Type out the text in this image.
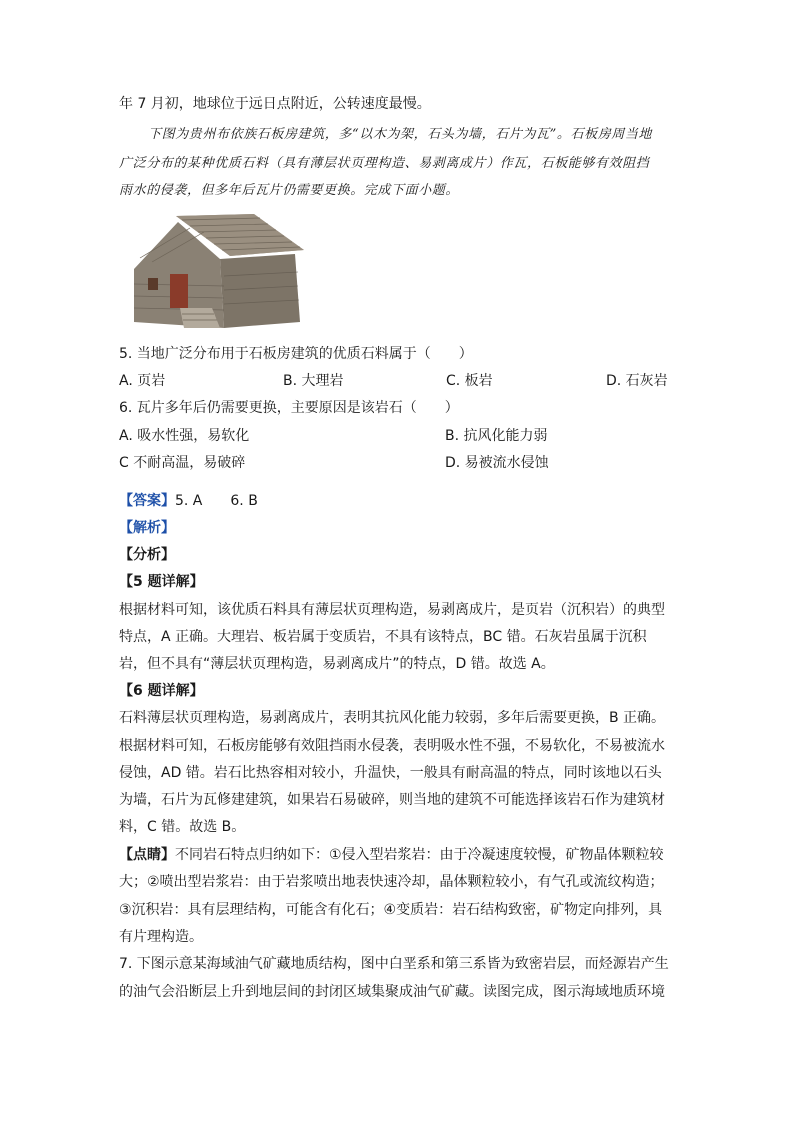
年 7 月初，地球位于远日点附近，公转速度最慢。
下图为贵州布依族石板房建筑，多“以木为架，石头为墙，石片为瓦”。石板房周当地
广泛分布的某种优质石料（具有薄层状页理构造、易剥离成片）作瓦，石板能够有效阻挡
雨水的侵袭，但多年后瓦片仍需要更换。完成下面小题。
5. 当地广泛分布用于石板房建筑的优质石料属于（　　）
A. 页岩	B. 大理岩	C. 板岩	D. 石灰岩
6. 瓦片多年后仍需要更换，主要原因是该岩石（　　）
A. 吸水性强，易软化	B. 抗风化能力弱
C 不耐高温，易破碎	D. 易被流水侵蚀
【答案】5. A 6. B
【解析】
【分析】
【5 题详解】
根据材料可知，该优质石料具有薄层状页理构造，易剥离成片，是页岩（沉积岩）的典型
特点，A 正确。大理岩、板岩属于变质岩，不具有该特点，BC 错。石灰岩虽属于沉积
岩，但不具有“薄层状页理构造，易剥离成片”的特点，D 错。故选 A。
【6 题详解】
石料薄层状页理构造，易剥离成片，表明其抗风化能力较弱，多年后需要更换，B 正确。
根据材料可知，石板房能够有效阻挡雨水侵袭，表明吸水性不强，不易软化，不易被流水
侵蚀，AD 错。岩石比热容相对较小，升温快，一般具有耐高温的特点，同时该地以石头
为墙，石片为瓦修建建筑，如果岩石易破碎，则当地的建筑不可能选择该岩石作为建筑材
料，C 错。故选 B。
【点睛】不同岩石特点归纳如下：①侵入型岩浆岩：由于冷凝速度较慢，矿物晶体颗粒较
大；②喷出型岩浆岩：由于岩浆喷出地表快速冷却，晶体颗粒较小，有气孔或流纹构造；
③沉积岩：具有层理结构，可能含有化石；④变质岩：岩石结构致密，矿物定向排列，具
有片理构造。
7. 下图示意某海域油气矿藏地质结构，图中白垩系和第三系皆为致密岩层，而烃源岩产生
的油气会沿断层上升到地层间的封闭区域集聚成油气矿藏。读图完成，图示海域地质环境
